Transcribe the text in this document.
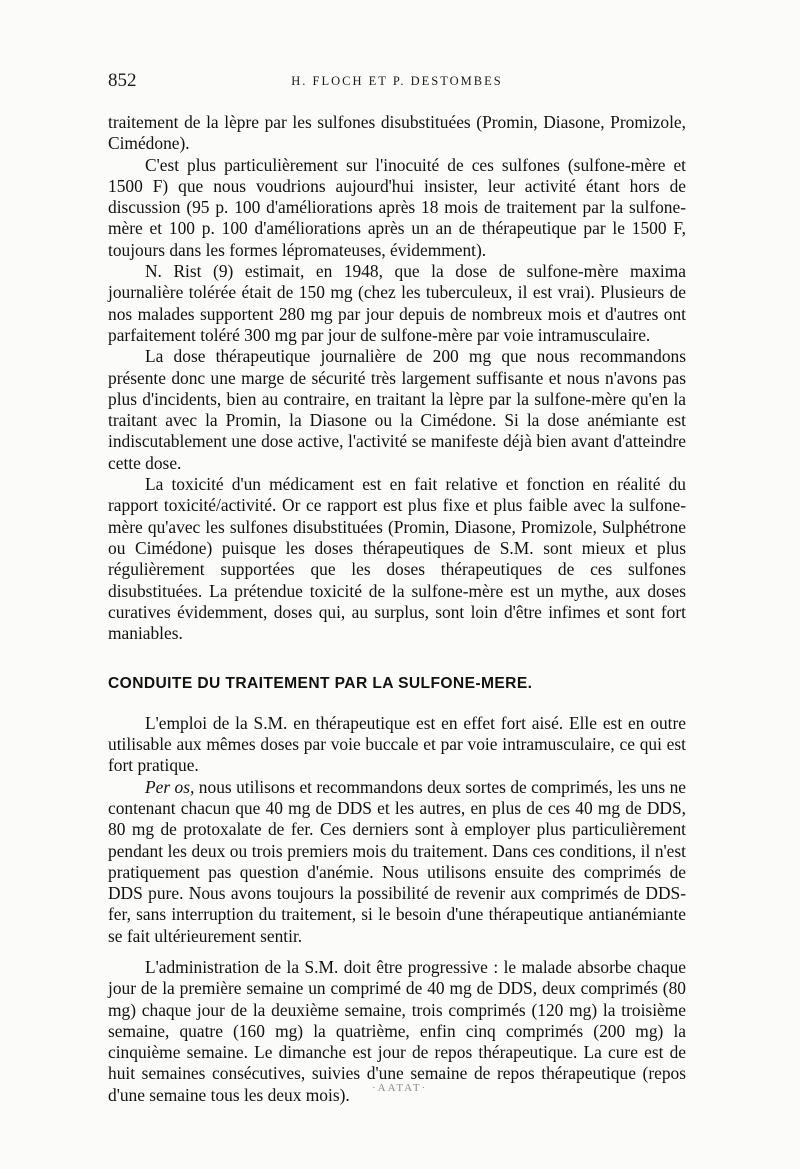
852	H. FLOCH ET P. DESTOMBES

traitement de la lèpre par les sulfones disubstituées (Promin, Diasone, Promizole, Cimédone).

C'est plus particulièrement sur l'inocuité de ces sulfones (sulfone-mère et 1500 F) que nous voudrions aujourd'hui insister, leur activité étant hors de discussion (95 p. 100 d'améliorations après 18 mois de traitement par la sulfone-mère et 100 p. 100 d'améliorations après un an de thérapeutique par le 1500 F, toujours dans les formes lépromateuses, évidemment).

N. Rist (9) estimait, en 1948, que la dose de sulfone-mère maxima journalière tolérée était de 150 mg (chez les tuberculeux, il est vrai). Plusieurs de nos malades supportent 280 mg par jour depuis de nombreux mois et d'autres ont parfaitement toléré 300 mg par jour de sulfone-mère par voie intramusculaire.

La dose thérapeutique journalière de 200 mg que nous recommandons présente donc une marge de sécurité très largement suffisante et nous n'avons pas plus d'incidents, bien au contraire, en traitant la lèpre par la sulfone-mère qu'en la traitant avec la Promin, la Diasone ou la Cimédone. Si la dose anémiante est indiscutablement une dose active, l'activité se manifeste déjà bien avant d'atteindre cette dose.

La toxicité d'un médicament est en fait relative et fonction en réalité du rapport toxicité/activité. Or ce rapport est plus fixe et plus faible avec la sulfone-mère qu'avec les sulfones disubstituées (Promin, Diasone, Promizole, Sulphétrone ou Cimédone) puisque les doses thérapeutiques de S.M. sont mieux et plus régulièrement supportées que les doses thérapeutiques de ces sulfones disubstituées. La prétendue toxicité de la sulfone-mère est un mythe, aux doses curatives évidemment, doses qui, au surplus, sont loin d'être infimes et sont fort maniables.

CONDUITE DU TRAITEMENT PAR LA SULFONE-MERE.

L'emploi de la S.M. en thérapeutique est en effet fort aisé. Elle est en outre utilisable aux mêmes doses par voie buccale et par voie intramusculaire, ce qui est fort pratique.

Per os, nous utilisons et recommandons deux sortes de comprimés, les uns ne contenant chacun que 40 mg de DDS et les autres, en plus de ces 40 mg de DDS, 80 mg de protoxalate de fer. Ces derniers sont à employer plus particulièrement pendant les deux ou trois premiers mois du traitement. Dans ces conditions, il n'est pratiquement pas question d'anémie. Nous utilisons ensuite des comprimés de DDS pure. Nous avons toujours la possibilité de revenir aux comprimés de DDS-fer, sans interruption du traitement, si le besoin d'une thérapeutique antianémiante se fait ultérieurement sentir.

L'administration de la S.M. doit être progressive : le malade absorbe chaque jour de la première semaine un comprimé de 40 mg de DDS, deux comprimés (80 mg) chaque jour de la deuxième semaine, trois comprimés (120 mg) la troisième semaine, quatre (160 mg) la quatrième, enfin cinq comprimés (200 mg) la cinquième semaine. Le dimanche est jour de repos thérapeutique. La cure est de huit semaines consécutives, suivies d'une semaine de repos thérapeutique (repos d'une semaine tous les deux mois).	·AATAT·
